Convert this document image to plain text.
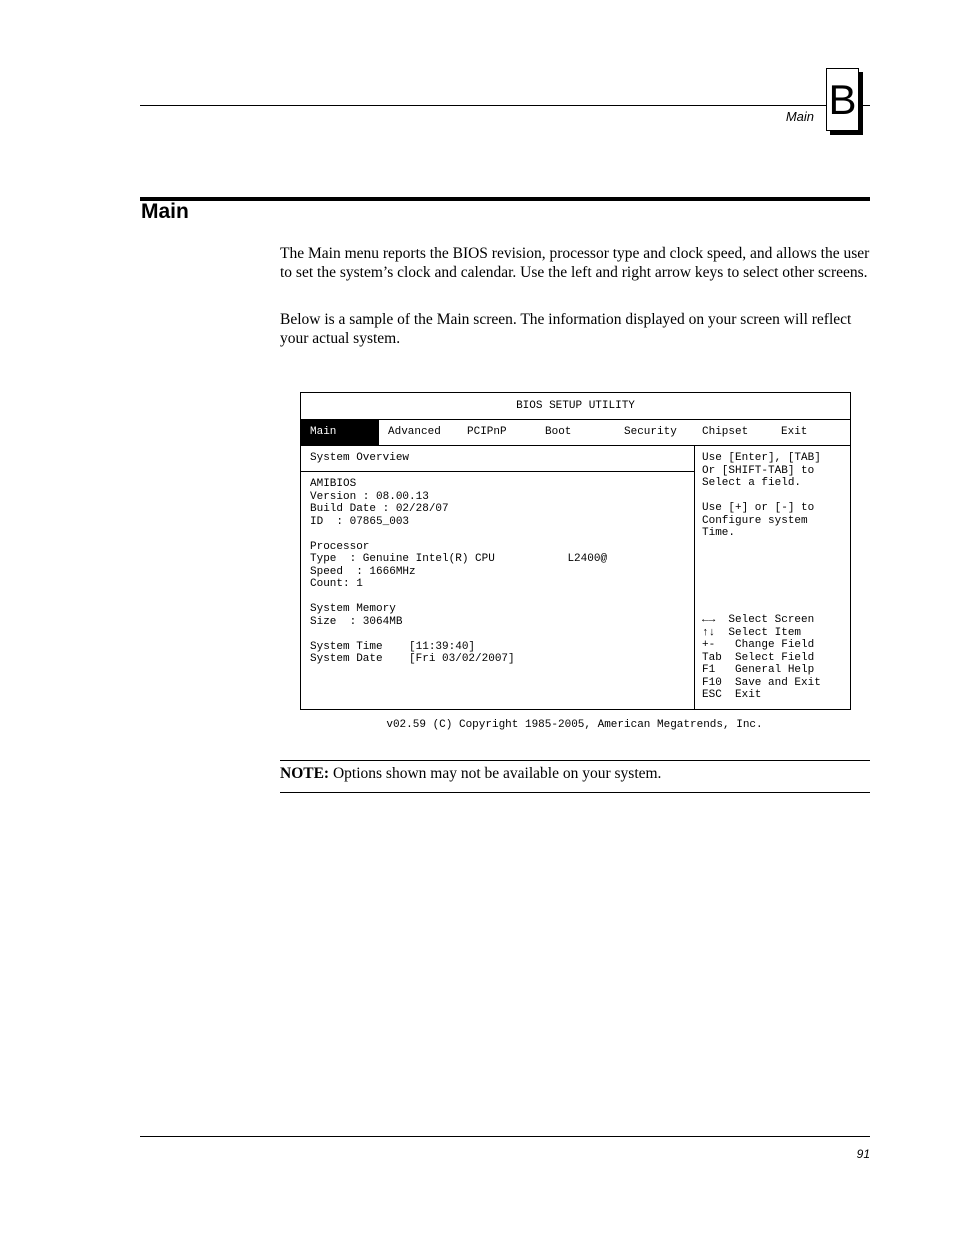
Main B
Main

The Main menu reports the BIOS revision, processor type and clock speed, and allows the user to set the system’s clock and calendar. Use the left and right arrow keys to select other screens.

Below is a sample of the Main screen. The information displayed on your screen will reflect your actual system.

BIOS SETUP UTILITY
Main	Advanced PCIPnP	Boot	Security Chipset	Exit
System Overview
AMIBIOS
Version : 08.00.13
Build Date : 02/28/07
ID  : 07865_003
Processor
Type  : Genuine Intel(R) CPU           L2400@
Speed  : 1666MHz
Count: 1
System Memory
Size  : 3064MB
System Time    [11:39:40]
System Date    [Fri 03/02/2007]
Use [Enter], [TAB]
Or [SHIFT-TAB] to
Select a field.
Use [+] or [-] to
Configure system
Time.
←→  Select Screen
↑↓  Select Item
+-   Change Field
Tab  Select Field
F1   General Help
F10  Save and Exit
ESC  Exit
v02.59 (C) Copyright 1985-2005, American Megatrends, Inc.
NOTE: Options shown may not be available on your system.
91
